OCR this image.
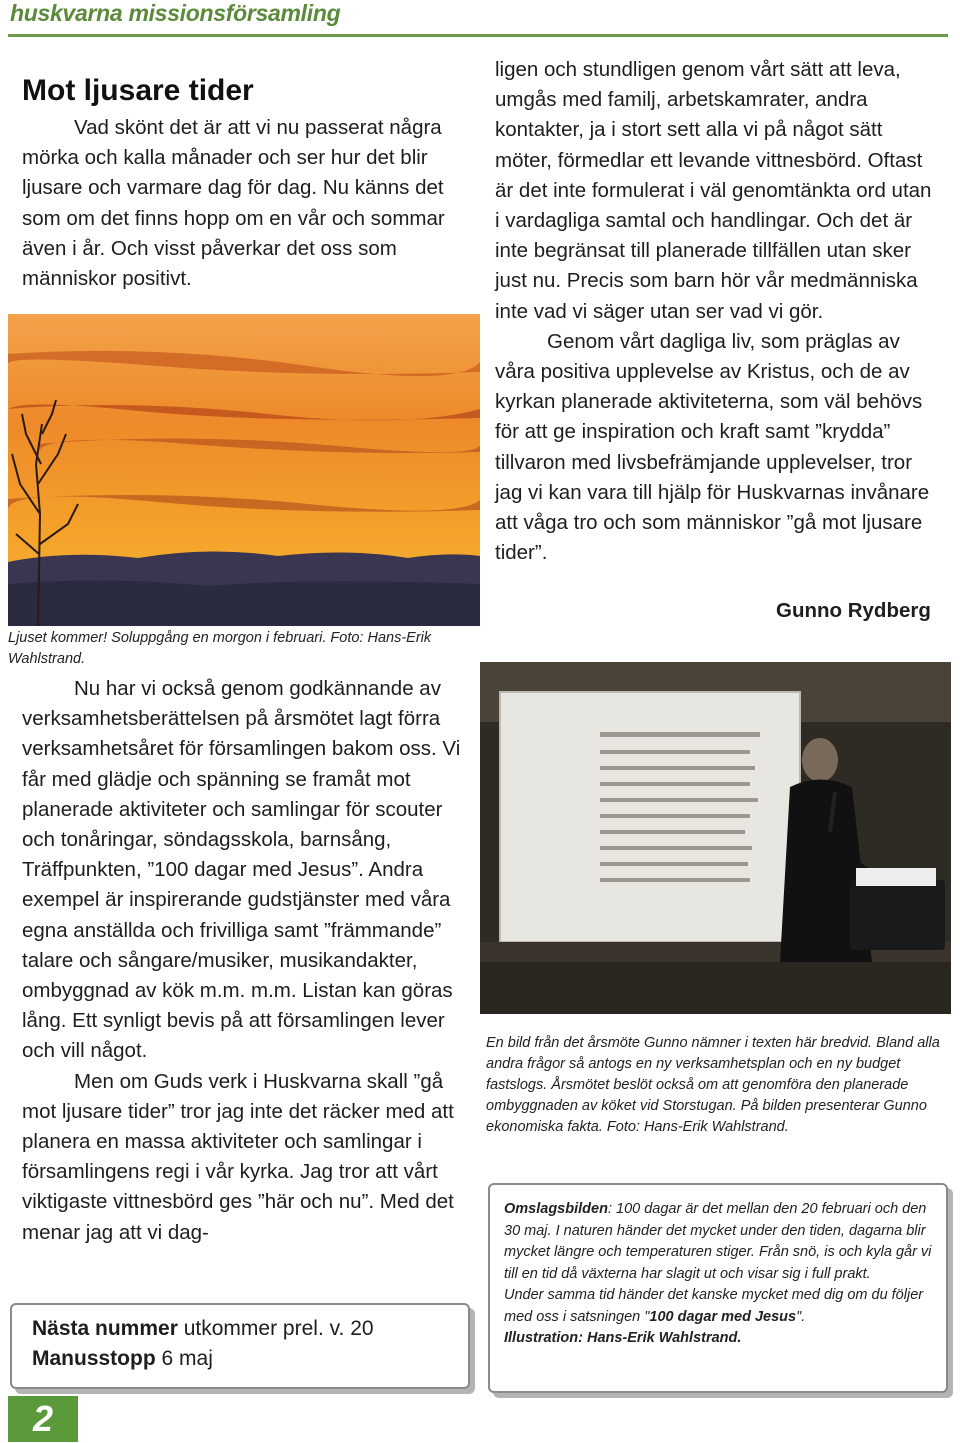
huskvarna missionsförsamling
Mot ljusare tider

Vad skönt det är att vi nu passerat några mörka och kalla månader och ser hur det blir ljusare och varmare dag för dag. Nu känns det som om det finns hopp om en vår och sommar även i år. Och visst påverkar det oss som människor positivt.

Ljuset kommer! Soluppgång en morgon i februari. Foto: Hans-Erik Wahlstrand.

Nu har vi också genom godkännande av verksamhetsberättelsen på årsmötet lagt förra verksamhetsåret för församlingen bakom oss. Vi får med glädje och spänning se framåt mot planerade aktiviteter och samlingar för scouter och tonåringar, söndagsskola, barnsång, Träffpunkten, ”100 dagar med Jesus”. Andra exempel är inspirerande gudstjänster med våra egna anställda och frivilliga samt ”främmande” talare och sångare/musiker, musikandakter, ombyggnad av kök m.m. m.m. Listan kan göras lång. Ett synligt bevis på att församlingen lever och vill något.

Men om Guds verk i Huskvarna skall ”gå mot ljusare tider” tror jag inte det räcker med att planera en massa aktiviteter och samlingar i församlingens regi i vår kyrka. Jag tror att vårt viktigaste vittnesbörd ges ”här och nu”. Med det menar jag att vi dag-

ligen och stundligen genom vårt sätt att leva, umgås med familj, arbetskamrater, andra kontakter, ja i stort sett alla vi på något sätt möter, förmedlar ett levande vittnesbörd. Oftast är det inte formulerat i väl genomtänkta ord utan i vardagliga samtal och handlingar. Och det är inte begränsat till planerade tillfällen utan sker just nu. Precis som barn hör vår medmänniska inte vad vi säger utan ser vad vi gör.

Genom vårt dagliga liv, som präglas av våra positiva upplevelse av Kristus, och de av kyrkan planerade aktiviteterna, som väl behövs för att ge inspiration och kraft samt ”krydda” tillvaron med livsbefrämjande upplevelser, tror jag vi kan vara till hjälp för Huskvarnas invånare att våga tro och som människor ”gå mot ljusare tider”.

Gunno Rydberg
En bild från det årsmöte Gunno nämner i texten här bredvid. Bland alla andra frågor så antogs en ny verksamhetsplan och en ny budget fastslogs. Årsmötet beslöt också om att genomföra den planerade ombyggnaden av köket vid Storstugan. På bilden presenterar Gunno ekonomiska fakta. Foto: Hans-Erik Wahlstrand.
Nästa nummer utkommer prel. v. 20
Manusstopp 6 maj
Omslagsbilden: 100 dagar är det mellan den 20 februari och den 30 maj. I naturen händer det mycket under den tiden, dagarna blir mycket längre och temperaturen stiger. Från snö, is och kyla går vi till en tid då växterna har slagit ut och visar sig i full prakt.
Under samma tid händer det kanske mycket med dig om du följer med oss i satsningen "100 dagar med Jesus".
Illustration: Hans-Erik Wahlstrand.
2
